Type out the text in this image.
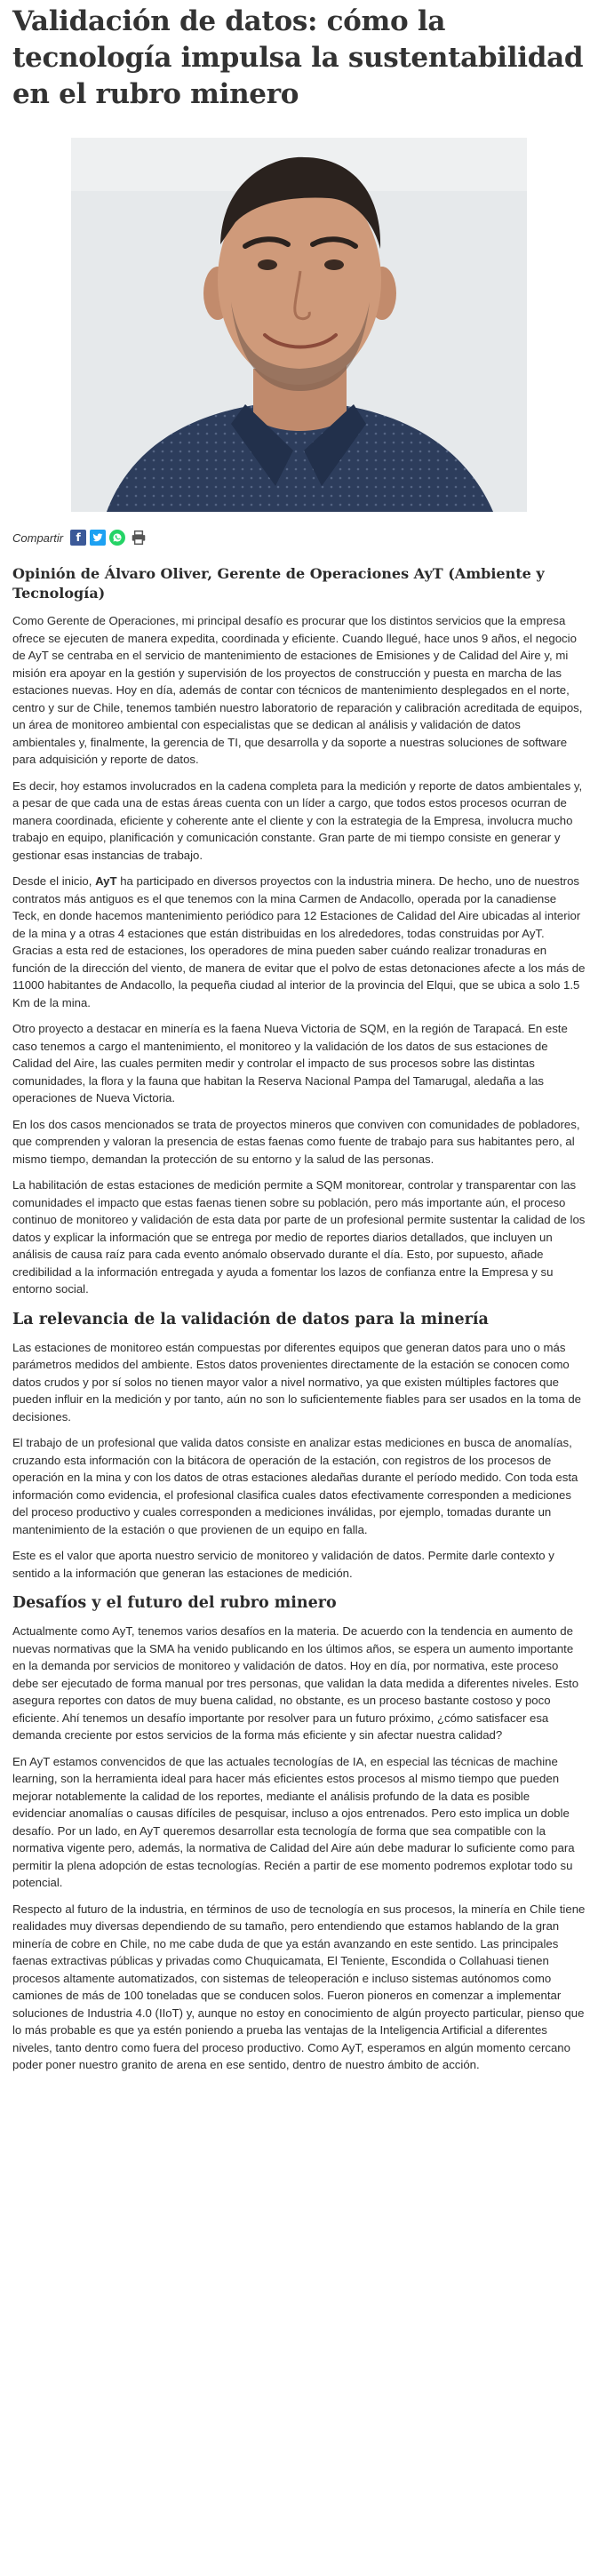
Validación de datos: cómo la tecnología impulsa la sustentabilidad en el rubro minero
Compartir	f
Opinión de Álvaro Oliver, Gerente de Operaciones AyT (Ambiente y Tecnología)

Como Gerente de Operaciones, mi principal desafío es procurar que los distintos servicios que la empresa ofrece se ejecuten de manera expedita, coordinada y eficiente. Cuando llegué, hace unos 9 años, el negocio de AyT se centraba en el servicio de mantenimiento de estaciones de Emisiones y de Calidad del Aire y, mi misión era apoyar en la gestión y supervisión de los proyectos de construcción y puesta en marcha de las estaciones nuevas. Hoy en día, además de contar con técnicos de mantenimiento desplegados en el norte, centro y sur de Chile, tenemos también nuestro laboratorio de reparación y calibración acreditada de equipos, un área de monitoreo ambiental con especialistas que se dedican al análisis y validación de datos ambientales y, finalmente, la gerencia de TI, que desarrolla y da soporte a nuestras soluciones de software para adquisición y reporte de datos.

Es decir, hoy estamos involucrados en la cadena completa para la medición y reporte de datos ambientales y, a pesar de que cada una de estas áreas cuenta con un líder a cargo, que todos estos procesos ocurran de manera coordinada, eficiente y coherente ante el cliente y con la estrategia de la Empresa, involucra mucho trabajo en equipo, planificación y comunicación constante. Gran parte de mi tiempo consiste en generar y gestionar esas instancias de trabajo.

Desde el inicio, AyT ha participado en diversos proyectos con la industria minera. De hecho, uno de nuestros contratos más antiguos es el que tenemos con la mina Carmen de Andacollo, operada por la canadiense Teck, en donde hacemos mantenimiento periódico para 12 Estaciones de Calidad del Aire ubicadas al interior de la mina y a otras 4 estaciones que están distribuidas en los alrededores, todas construidas por AyT. Gracias a esta red de estaciones, los operadores de mina pueden saber cuándo realizar tronaduras en función de la dirección del viento, de manera de evitar que el polvo de estas detonaciones afecte a los más de 11000 habitantes de Andacollo, la pequeña ciudad al interior de la provincia del Elqui, que se ubica a solo 1.5 Km de la mina.

Otro proyecto a destacar en minería es la faena Nueva Victoria de SQM, en la región de Tarapacá. En este caso tenemos a cargo el mantenimiento, el monitoreo y la validación de los datos de sus estaciones de Calidad del Aire, las cuales permiten medir y controlar el impacto de sus procesos sobre las distintas comunidades, la flora y la fauna que habitan la Reserva Nacional Pampa del Tamarugal, aledaña a las operaciones de Nueva Victoria.

En los dos casos mencionados se trata de proyectos mineros que conviven con comunidades de pobladores, que comprenden y valoran la presencia de estas faenas como fuente de trabajo para sus habitantes pero, al mismo tiempo, demandan la protección de su entorno y la salud de las personas.

La habilitación de estas estaciones de medición permite a SQM monitorear, controlar y transparentar con las comunidades el impacto que estas faenas tienen sobre su población, pero más importante aún, el proceso continuo de monitoreo y validación de esta data por parte de un profesional permite sustentar la calidad de los datos y explicar la información que se entrega por medio de reportes diarios detallados, que incluyen un análisis de causa raíz para cada evento anómalo observado durante el día. Esto, por supuesto, añade credibilidad a la información entregada y ayuda a fomentar los lazos de confianza entre la Empresa y su entorno social.

La relevancia de la validación de datos para la minería

Las estaciones de monitoreo están compuestas por diferentes equipos que generan datos para uno o más parámetros medidos del ambiente. Estos datos provenientes directamente de la estación se conocen como datos crudos y por sí solos no tienen mayor valor a nivel normativo, ya que existen múltiples factores que pueden influir en la medición y por tanto, aún no son lo suficientemente fiables para ser usados en la toma de decisiones.

El trabajo de un profesional que valida datos consiste en analizar estas mediciones en busca de anomalías, cruzando esta información con la bitácora de operación de la estación, con registros de los procesos de operación en la mina y con los datos de otras estaciones aledañas durante el período medido. Con toda esta información como evidencia, el profesional clasifica cuales datos efectivamente corresponden a mediciones del proceso productivo y cuales corresponden a mediciones inválidas, por ejemplo, tomadas durante un mantenimiento de la estación o que provienen de un equipo en falla.

Este es el valor que aporta nuestro servicio de monitoreo y validación de datos. Permite darle contexto y sentido a la información que generan las estaciones de medición.

Desafíos y el futuro del rubro minero

Actualmente como AyT, tenemos varios desafíos en la materia. De acuerdo con la tendencia en aumento de nuevas normativas que la SMA ha venido publicando en los últimos años, se espera un aumento importante en la demanda por servicios de monitoreo y validación de datos. Hoy en día, por normativa, este proceso debe ser ejecutado de forma manual por tres personas, que validan la data medida a diferentes niveles. Esto asegura reportes con datos de muy buena calidad, no obstante, es un proceso bastante costoso y poco eficiente. Ahí tenemos un desafío importante por resolver para un futuro próximo, ¿cómo satisfacer esa demanda creciente por estos servicios de la forma más eficiente y sin afectar nuestra calidad?

En AyT estamos convencidos de que las actuales tecnologías de IA, en especial las técnicas de machine learning, son la herramienta ideal para hacer más eficientes estos procesos al mismo tiempo que pueden mejorar notablemente la calidad de los reportes, mediante el análisis profundo de la data es posible evidenciar anomalías o causas difíciles de pesquisar, incluso a ojos entrenados. Pero esto implica un doble desafío. Por un lado, en AyT queremos desarrollar esta tecnología de forma que sea compatible con la normativa vigente pero, además, la normativa de Calidad del Aire aún debe madurar lo suficiente como para permitir la plena adopción de estas tecnologías. Recién a partir de ese momento podremos explotar todo su potencial.

Respecto al futuro de la industria, en términos de uso de tecnología en sus procesos, la minería en Chile tiene realidades muy diversas dependiendo de su tamaño, pero entendiendo que estamos hablando de la gran minería de cobre en Chile, no me cabe duda de que ya están avanzando en este sentido. Las principales faenas extractivas públicas y privadas como Chuquicamata, El Teniente, Escondida o Collahuasi tienen procesos altamente automatizados, con sistemas de teleoperación e incluso sistemas autónomos como camiones de más de 100 toneladas que se conducen solos. Fueron pioneros en comenzar a implementar soluciones de Industria 4.0 (IIoT) y, aunque no estoy en conocimiento de algún proyecto particular, pienso que lo más probable es que ya estén poniendo a prueba las ventajas de la Inteligencia Artificial a diferentes niveles, tanto dentro como fuera del proceso productivo. Como AyT, esperamos en algún momento cercano poder poner nuestro granito de arena en ese sentido, dentro de nuestro ámbito de acción.
